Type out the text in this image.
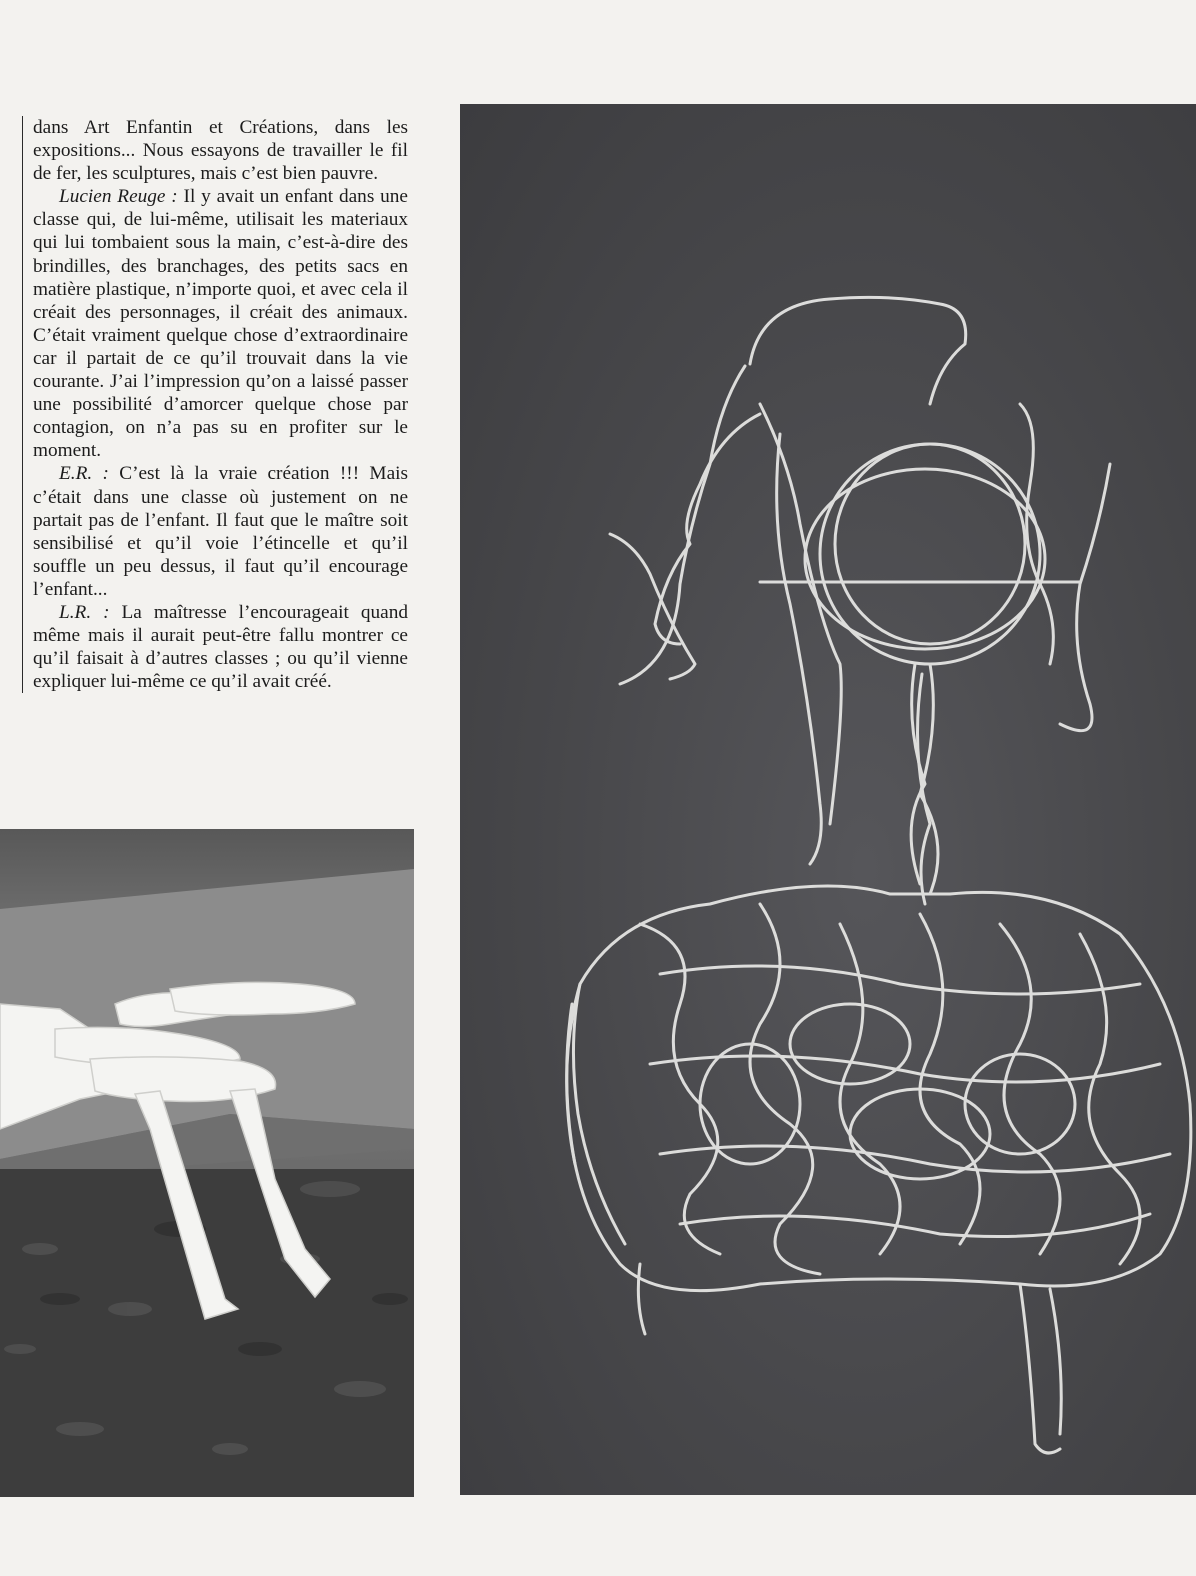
dans Art Enfantin et Créations, dans les expositions... Nous essayons de travailler le fil de fer, les sculptures, mais c’est bien pauvre.

Lucien Reuge : Il y avait un enfant dans une classe qui, de lui-même, utilisait les materiaux qui lui tombaient sous la main, c’est-à-dire des brindilles, des branchages, des petits sacs en matière plastique, n’importe quoi, et avec cela il créait des personnages, il créait des animaux. C’était vraiment quelque chose d’extraordinaire car il partait de ce qu’il trouvait dans la vie courante. J’ai l’impression qu’on a laissé passer une possibilité d’amorcer quelque chose par contagion, on n’a pas su en profiter sur le moment.

E.R. : C’est là la vraie création !!! Mais c’était dans une classe où justement on ne partait pas de l’enfant. Il faut que le maître soit sensibilisé et qu’il voie l’étincelle et qu’il souffle un peu dessus, il faut qu’il encourage l’enfant...

L.R. : La maîtresse l’encourageait quand même mais il aurait peut-être fallu montrer ce qu’il faisait à d’autres classes ; ou qu’il vienne expliquer lui-même ce qu’il avait créé.
